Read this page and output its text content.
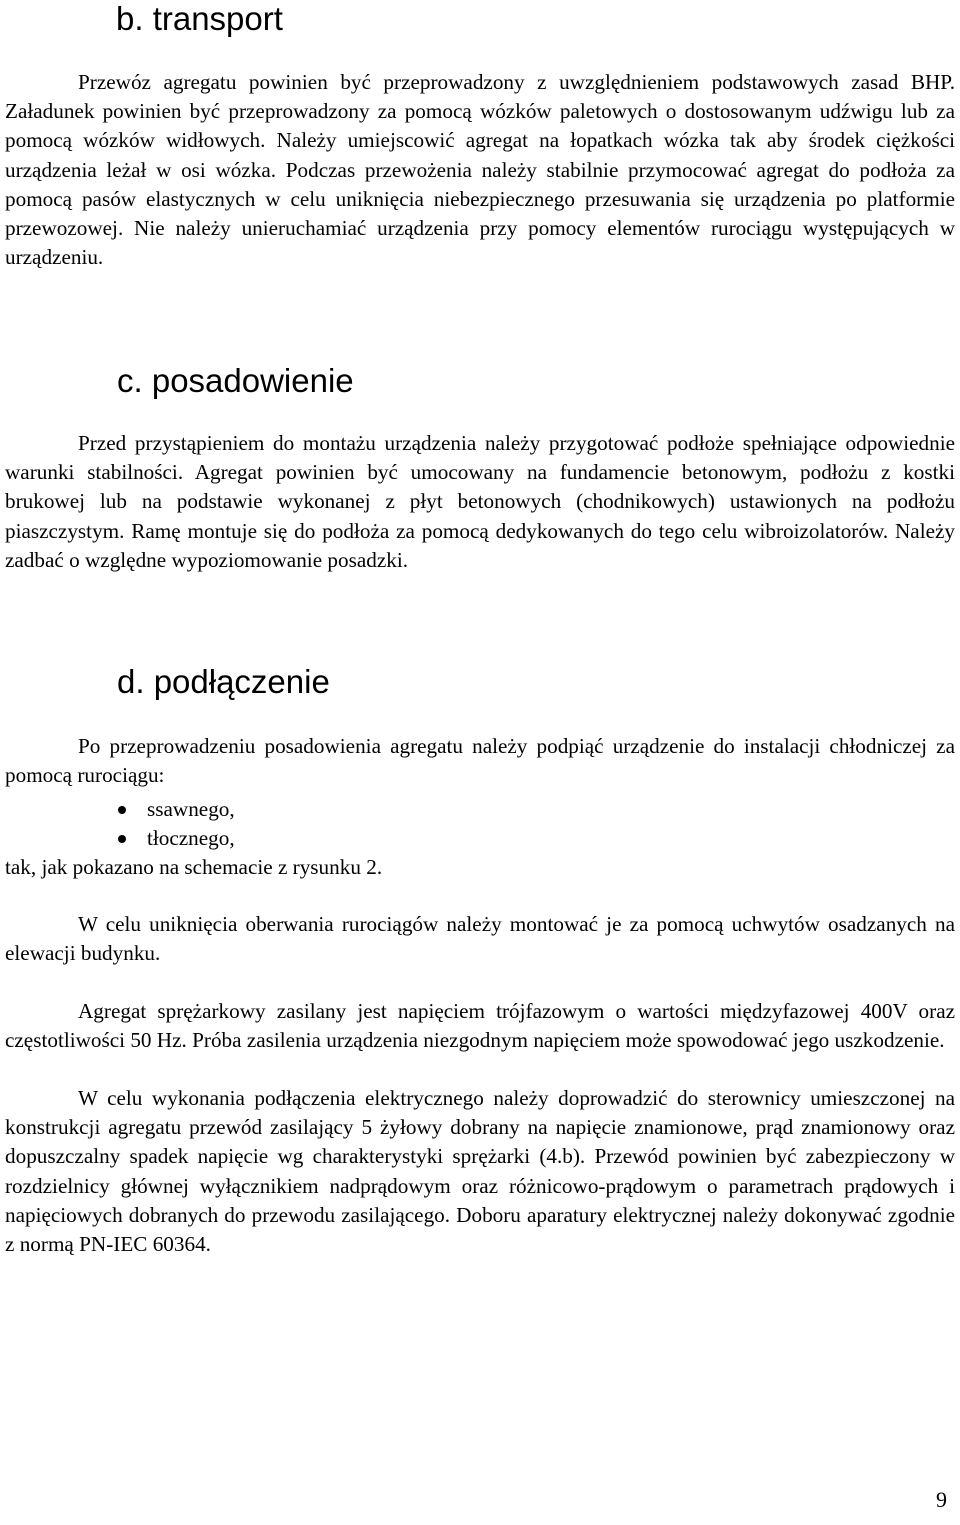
b. transport
Przewóz agregatu powinien być przeprowadzony z uwzględnieniem podstawowych zasad BHP. Załadunek powinien być przeprowadzony za pomocą wózków paletowych o dostosowanym udźwigu lub za pomocą wózków widłowych. Należy umiejscowić agregat na łopatkach wózka tak aby środek ciężkości urządzenia leżał w osi wózka. Podczas przewożenia należy stabilnie przymocować agregat do podłoża za pomocą pasów elastycznych w celu uniknięcia niebezpiecznego przesuwania się urządzenia po platformie przewozowej. Nie należy unieruchamiać urządzenia przy pomocy elementów rurociągu występujących w urządzeniu.
c. posadowienie
Przed przystąpieniem do montażu urządzenia należy przygotować podłoże spełniające odpowiednie warunki stabilności. Agregat powinien być umocowany na fundamencie betonowym, podłożu z kostki brukowej lub na podstawie wykonanej z płyt betonowych (chodnikowych) ustawionych na podłożu piaszczystym. Ramę montuje się do podłoża za pomocą dedykowanych do tego celu wibroizolatorów. Należy zadbać o względne wypoziomowanie posadzki.
d. podłączenie
Po przeprowadzeniu posadowienia agregatu należy podpiąć urządzenie do instalacji chłodniczej za pomocą rurociągu:
ssawnego,
tłocznego,
tak, jak pokazano na schemacie z rysunku 2.
W celu uniknięcia oberwania rurociągów należy montować je za pomocą uchwytów osadzanych na elewacji budynku.
Agregat sprężarkowy zasilany jest napięciem trójfazowym o wartości międzyfazowej 400V oraz częstotliwości 50 Hz. Próba zasilenia urządzenia niezgodnym napięciem może spowodować jego uszkodzenie.
W celu wykonania podłączenia elektrycznego należy doprowadzić do sterownicy umieszczonej na konstrukcji agregatu przewód zasilający 5 żyłowy dobrany na napięcie znamionowe, prąd znamionowy oraz dopuszczalny spadek napięcie wg charakterystyki sprężarki (4.b). Przewód powinien być zabezpieczony w rozdzielnicy głównej wyłącznikiem nadprądowym oraz różnicowo-prądowym o parametrach prądowych i napięciowych dobranych do przewodu zasilającego. Doboru aparatury elektrycznej należy dokonywać zgodnie z normą PN-IEC 60364.
9
